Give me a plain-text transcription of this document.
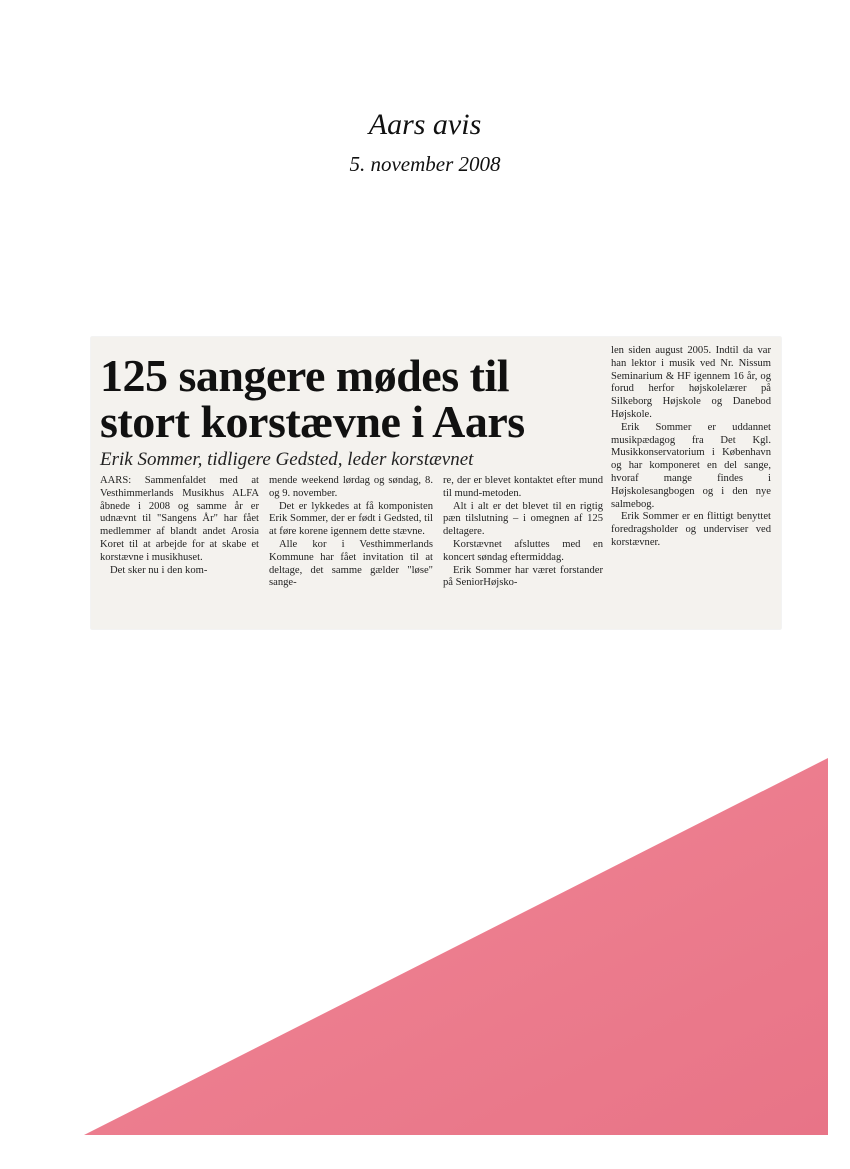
Aars avis
5. november 2008
125 sangere mødes til stort korstævne i Aars
Erik Sommer, tidligere Gedsted, leder korstævnet

AARS: Sammenfaldet med at Vesthimmerlands Musikhus ALFA åbnede i 2008 og samme år er udnævnt til "Sangens År" har fået medlemmer af blandt andet Arosia Koret til at arbejde for at skabe et korstævne i musikhuset.

Det sker nu i den kom-

mende weekend lørdag og søndag, 8. og 9. november.

Det er lykkedes at få komponisten Erik Sommer, der er født i Gedsted, til at føre korene igennem dette stævne.

Alle kor i Vesthimmerlands Kommune har fået invitation til at deltage, det samme gælder "løse" sange-

re, der er blevet kontaktet efter mund til mund-metoden.

Alt i alt er det blevet til en rigtig pæn tilslutning – i omegnen af 125 deltagere.

Korstævnet afsluttes med en koncert søndag eftermiddag.

Erik Sommer har været forstander på SeniorHøjsko-

len siden august 2005. Indtil da var han lektor i musik ved Nr. Nissum Seminarium & HF igennem 16 år, og forud herfor højskolelærer på Silkeborg Højskole og Danebod Højskole.

Erik Sommer er uddannet musikpædagog fra Det Kgl. Musikkonservatorium i København og har komponeret en del sange, hvoraf mange findes i Højskolesangbogen og i den nye salmebog.

Erik Sommer er en flittigt benyttet foredragsholder og underviser ved korstævner.
